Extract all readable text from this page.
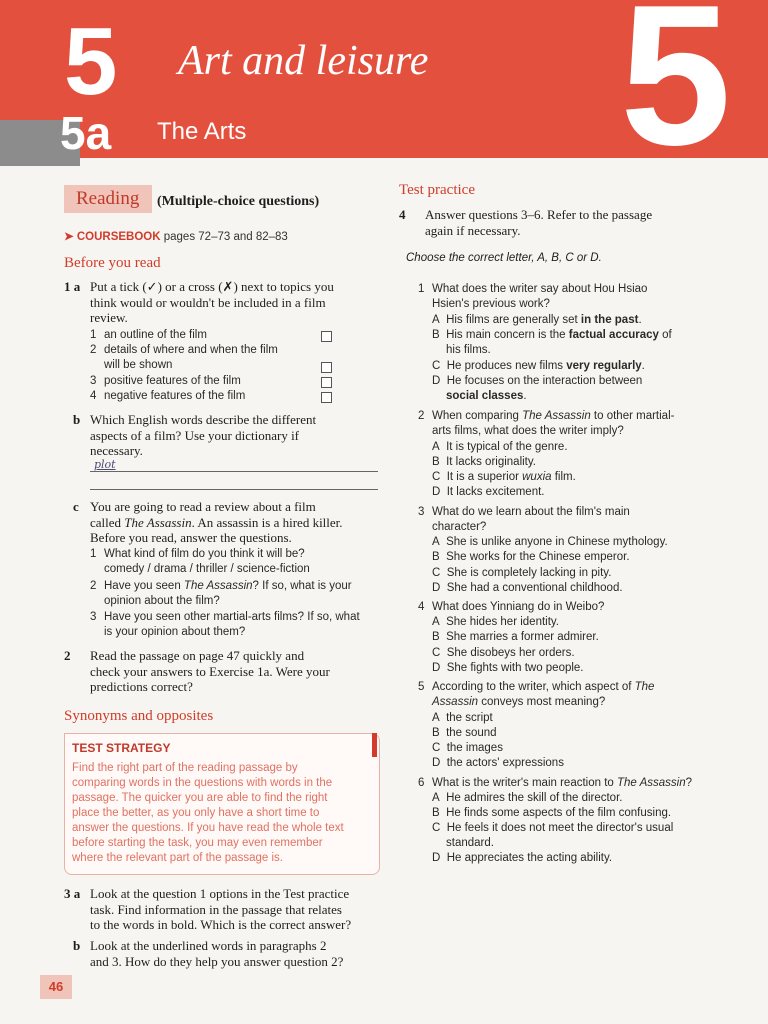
5
5 Art and leisure
5a The Arts
Reading (Multiple-choice questions)
➤ COURSEBOOK pages 72–73 and 82–83
Before you read
1 a Put a tick (✓) or a cross (✗) next to topics you
think would or wouldn't be included in a film
review.
1 an outline of the film
2 details of where and when the film
will be shown
3 positive features of the film
4 negative features of the film
b Which English words describe the different
aspects of a film? Use your dictionary if
necessary.
plot
c You are going to read a review about a film
called The Assassin. An assassin is a hired killer.
Before you read, answer the questions.
1 What kind of film do you think it will be?
comedy / drama / thriller / science-fiction
2 Have you seen The Assassin? If so, what is your
opinion about the film?
3 Have you seen other martial-arts films? If so, what
is your opinion about them?
2 Read the passage on page 47 quickly and
check your answers to Exercise 1a. Were your
predictions correct?
Synonyms and opposites
TEST STRATEGY
Find the right part of the reading passage by
comparing words in the questions with words in the
passage. The quicker you are able to find the right
place the better, as you only have a short time to
answer the questions. If you have read the whole text
before starting the task, you may even remember
where the relevant part of the passage is.
3 a Look at the question 1 options in the Test practice
task. Find information in the passage that relates
to the words in bold. Which is the correct answer?
b Look at the underlined words in paragraphs 2
and 3. How do they help you answer question 2?
46
Test practice
4 Answer questions 3–6. Refer to the passage
again if necessary.
Choose the correct letter, A, B, C or D.
1 What does the writer say about Hou Hsiao
Hsien's previous work?
A  His films are generally set in the past.
B  His main concern is the factual accuracy of
his films.
C  He produces new films very regularly.
D  He focuses on the interaction between
social classes.
2 When comparing The Assassin to other martial-
arts films, what does the writer imply?
A  It is typical of the genre.
B  It lacks originality.
C  It is a superior wuxia film.
D  It lacks excitement.
3 What do we learn about the film's main
character?
A  She is unlike anyone in Chinese mythology.
B  She works for the Chinese emperor.
C  She is completely lacking in pity.
D  She had a conventional childhood.
4 What does Yinniang do in Weibo?
A  She hides her identity.
B  She marries a former admirer.
C  She disobeys her orders.
D  She fights with two people.
5 According to the writer, which aspect of The
Assassin conveys most meaning?
A  the script
B  the sound
C  the images
D  the actors' expressions
6 What is the writer's main reaction to The Assassin?
A  He admires the skill of the director.
B  He finds some aspects of the film confusing.
C  He feels it does not meet the director's usual
standard.
D  He appreciates the acting ability.
